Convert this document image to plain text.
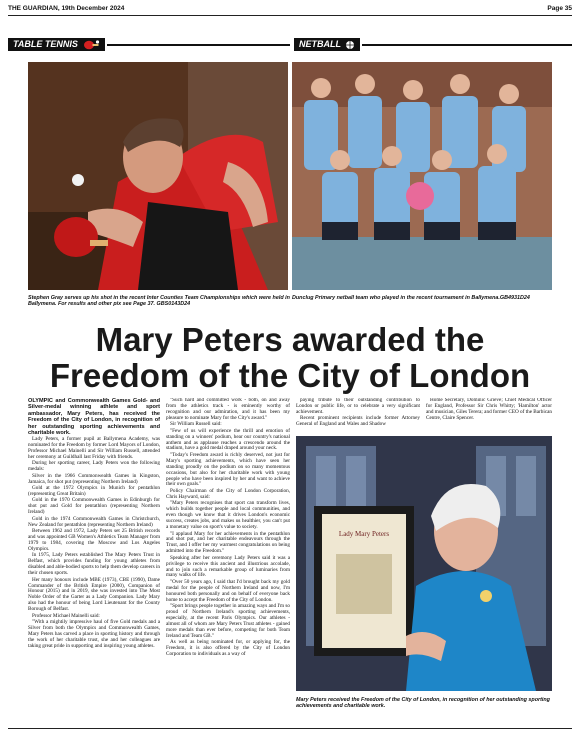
THE GUARDIAN, 19th December 2024	Page 35
TABLE TENNIS	NETBALL
Stephen Gray serves up his shot in the recent Inter Counties Team Championships which were held in Ballymena. For results and other pix see Page 37. GBS0143D24
Dunclug Primary netball team who played in the recent tournament in Ballymena.GB4931D24
Mary Peters awarded the
Freedom of the City of London

OLYMPIC and Commonwealth Games Gold- and Silver-medal winning athlete and sport ambassador, Mary Peters, has received the Freedom of the City of London, in recognition of her outstanding sporting achievements and charitable work.

Lady Peters, a former pupil at Ballymena Academy, was nominated for the Freedom by former Lord Mayors of London, Professor Michael Mainelli and Sir William Russell, attended her ceremony at Guildhall last Friday with friends.

During her sporting career, Lady Peters won the following medals:

Silver in the 1966 Commonwealth Games in Kingston, Jamaica, for shot put (representing Northern Ireland)

Gold at the 1972 Olympics in Munich for pentathlon (representing Great Britain)

Gold in the 1970 Commonwealth Games in Edinburgh for shot put and Gold for pentathlon (representing Northern Ireland)

Gold in the 1974 Commonwealth Games in Christchurch, New Zealand for pentathlon (representing Northern Ireland)

Between 1962 and 1972, Lady Peters set 25 British records and was appointed GB Women's Athletics Team Manager from 1979 to 1984, covering the Moscow and Los Angeles Olympics.

In 1975, Lady Peters established The Mary Peters Trust in Belfast, which provides funding for young athletes from disabled and able-bodied sports to help them develop careers in their chosen sports.

Her many honours include MBE (1973), CBE (1990), Dame Commander of the British Empire (2000), Companion of Honour (2015) and in 2019, she was invested into The Most Noble Order of the Garter as a Lady Companion. Lady Mary also had the honour of being Lord Lieutenant for the County Borough of Belfast.

Professor Michael Mainelli said:

"With a mightily impressive haul of five Gold medals and a Silver from both the Olympics and Commonwealth Games, Mary Peters has carved a place in sporting history and through the work of her charitable trust, she and her colleagues are taking great pride in supporting and inspiring young athletes.

"Such hard and committed work - both, on and away from the athletics track - is eminently worthy of recognition and our admiration, and it has been my pleasure to nominate Mary for the City's award."

Sir William Russell said:

"Few of us will experience the thrill and emotion of standing on a winners' podium, hear our country's national anthem and as applause reaches a crescendo around the stadium, have a gold medal draped around your neck.

"Today's Freedom award is richly deserved, not just for Mary's sporting achievements, which have seen her standing proudly on the podium on so many momentous occasions, but also for her charitable work with young people who have been inspired by her and want to achieve their own goals."

Policy Chairman of the City of London Corporation, Chris Hayward, said:

"Mary Peters recognises that sport can transform lives, which builds together people and local communities, and even though we know that it drives London's economic success, creates jobs, and makes us healthier, you can't put a monetary value on sport's value to society.

"I applaud Mary for her achievements in the pentathlon and shot put, and her charitable endeavours through the Trust, and I offer her my warmest congratulations on being admitted into the Freedom."

Speaking after her ceremony Lady Peters said it was a privilege to receive this ancient and illustrious accolade, and to join such a remarkable group of luminaries from many walks of life.

"Over 50 years ago, I said that I'd brought back my gold medal for the people of Northern Ireland and now, I'm honoured both personally and on behalf of everyone back home to accept the Freedom of the City of London.

"Sport brings people together in amazing ways and I'm so proud of Northern Ireland's sporting achievements, especially, at the recent Paris Olympics. Our athletes - almost all of whom are Mary Peters Trust athletes - gained more medals than ever before, competing for both Team Ireland and Team GB."

As well as being nominated for, or applying for, the Freedom, it is also offered by the City of London Corporation to individuals as a way of

paying tribute to their outstanding contribution to London or public life, or to celebrate a very significant achievement.

Recent prominent recipients include former Attorney General of England and Wales and Shadow

Home Secretary, Dominic Grieve; Chief Medical Officer for England, Professor Sir Chris Whitty; 'Hamilton' actor and musician, Giles Terera; and former CEO of the Barbican Centre, Claire Spencer.

Lady Mary Peters
Mary Peters received the Freedom of the City of London, in recognition of her outstanding sporting achievements and charitable work.
